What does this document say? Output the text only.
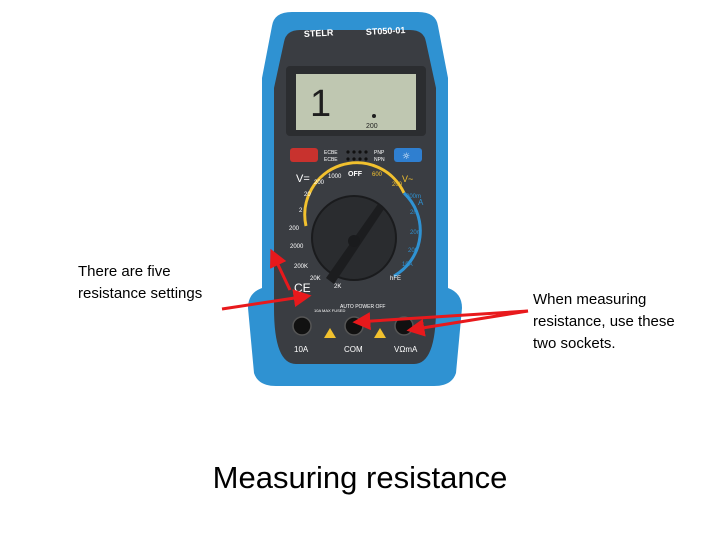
STELR	ST050-01
1
200
☼
ECBE
ECBE
PNP
NPN
OFF
V=	V~
A
hFE
1000
200
20
2
200
2000
200K
20K
2K
600
200
200m
2m
20m
200
10A
CE
AUTO POWER OFF
10A MAX FUSED
10A	COM	VΩmA
There are five resistance settings	When measuring resistance, use these two sockets.
Measuring resistance
